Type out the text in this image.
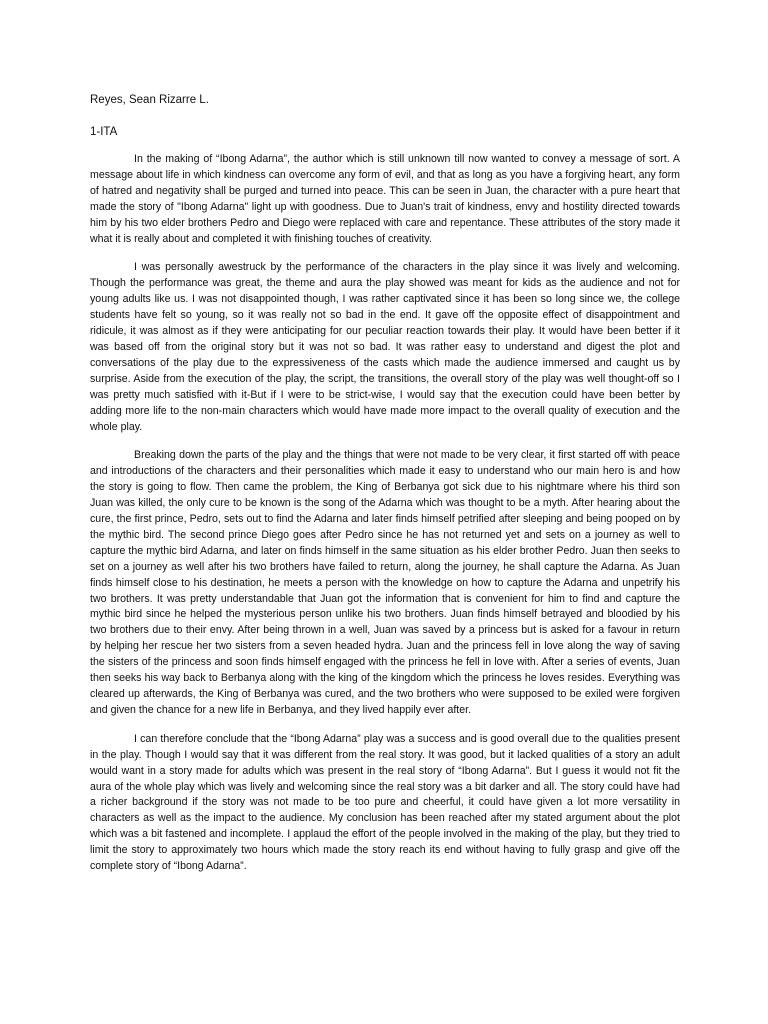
Reyes, Sean Rizarre L.
1-ITA

In the making of “Ibong Adarna”, the author which is still unknown till now wanted to convey a message of sort. A message about life in which kindness can overcome any form of evil, and that as long as you have a forgiving heart, any form of hatred and negativity shall be purged and turned into peace. This can be seen in Juan, the character with a pure heart that made the story of "Ibong Adarna" light up with goodness. Due to Juan's trait of kindness, envy and hostility directed towards him by his two elder brothers Pedro and Diego were replaced with care and repentance. These attributes of the story made it what it is really about and completed it with finishing touches of creativity.

I was personally awestruck by the performance of the characters in the play since it was lively and welcoming. Though the performance was great, the theme and aura the play showed was meant for kids as the audience and not for young adults like us. I was not disappointed though, I was rather captivated since it has been so long since we, the college students have felt so young, so it was really not so bad in the end. It gave off the opposite effect of disappointment and ridicule, it was almost as if they were anticipating for our peculiar reaction towards their play. It would have been better if it was based off from the original story but it was not so bad. It was rather easy to understand and digest the plot and conversations of the play due to the expressiveness of the casts which made the audience immersed and caught us by surprise. Aside from the execution of the play, the script, the transitions, the overall story of the play was well thought-off so I was pretty much satisfied with it-But if I were to be strict-wise, I would say that the execution could have been better by adding more life to the non-main characters which would have made more impact to the overall quality of execution and the whole play.

Breaking down the parts of the play and the things that were not made to be very clear, it first started off with peace and introductions of the characters and their personalities which made it easy to understand who our main hero is and how the story is going to flow. Then came the problem, the King of Berbanya got sick due to his nightmare where his third son Juan was killed, the only cure to be known is the song of the Adarna which was thought to be a myth. After hearing about the cure, the first prince, Pedro, sets out to find the Adarna and later finds himself petrified after sleeping and being pooped on by the mythic bird. The second prince Diego goes after Pedro since he has not returned yet and sets on a journey as well to capture the mythic bird Adarna, and later on finds himself in the same situation as his elder brother Pedro. Juan then seeks to set on a journey as well after his two brothers have failed to return, along the journey, he shall capture the Adarna. As Juan finds himself close to his destination, he meets a person with the knowledge on how to capture the Adarna and unpetrify his two brothers. It was pretty understandable that Juan got the information that is convenient for him to find and capture the mythic bird since he helped the mysterious person unlike his two brothers. Juan finds himself betrayed and bloodied by his two brothers due to their envy. After being thrown in a well, Juan was saved by a princess but is asked for a favour in return by helping her rescue her two sisters from a seven headed hydra. Juan and the princess fell in love along the way of saving the sisters of the princess and soon finds himself engaged with the princess he fell in love with. After a series of events, Juan then seeks his way back to Berbanya along with the king of the kingdom which the princess he loves resides. Everything was cleared up afterwards, the King of Berbanya was cured, and the two brothers who were supposed to be exiled were forgiven and given the chance for a new life in Berbanya, and they lived happily ever after.

I can therefore conclude that the “Ibong Adarna” play was a success and is good overall due to the qualities present in the play. Though I would say that it was different from the real story. It was good, but it lacked qualities of a story an adult would want in a story made for adults which was present in the real story of “Ibong Adarna”. But I guess it would not fit the aura of the whole play which was lively and welcoming since the real story was a bit darker and all. The story could have had a richer background if the story was not made to be too pure and cheerful, it could have given a lot more versatility in characters as well as the impact to the audience. My conclusion has been reached after my stated argument about the plot which was a bit fastened and incomplete. I applaud the effort of the people involved in the making of the play, but they tried to limit the story to approximately two hours which made the story reach its end without having to fully grasp and give off the complete story of “Ibong Adarna”.
